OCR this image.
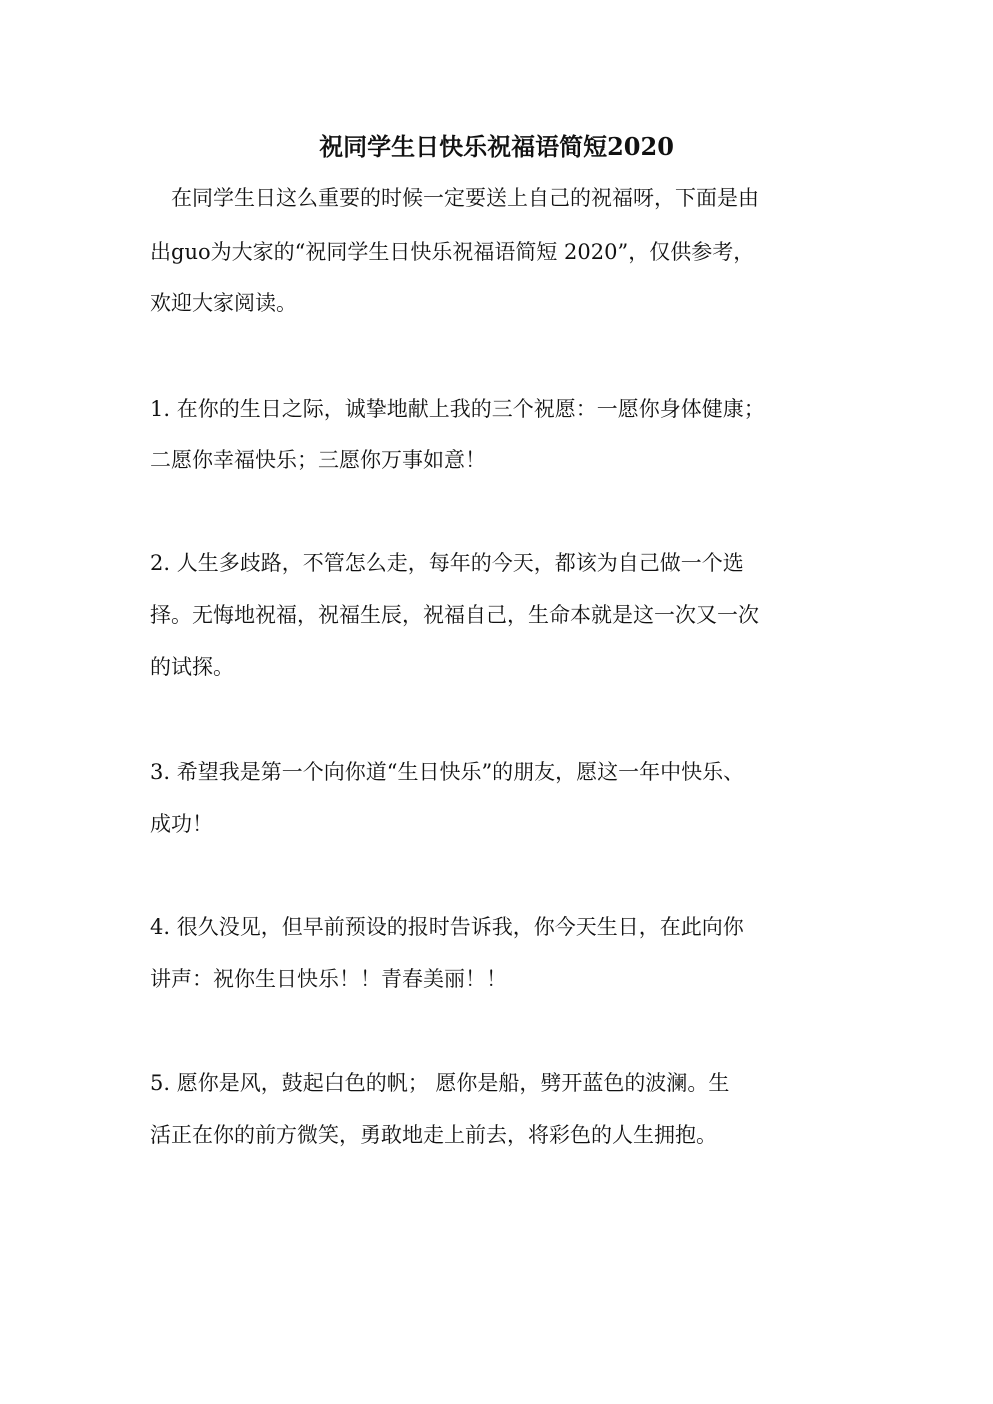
祝同学生日快乐祝福语简短2020
　在同学生日这么重要的时候一定要送上自己的祝福呀，下面是由
出guo为大家的“祝同学生日快乐祝福语简短 2020”，仅供参考，
欢迎大家阅读。
1. 在你的生日之际，诚挚地献上我的三个祝愿：一愿你身体健康；
二愿你幸福快乐；三愿你万事如意！
2. 人生多歧路，不管怎么走，每年的今天，都该为自己做一个选
择。无悔地祝福，祝福生辰，祝福自己，生命本就是这一次又一次
的试探。
3. 希望我是第一个向你道“生日快乐”的朋友，愿这一年中快乐、
成功！
4. 很久没见，但早前预设的报时告诉我，你今天生日，在此向你
讲声：祝你生日快乐！！青春美丽！！
5. 愿你是风，鼓起白色的帆； 愿你是船，劈开蓝色的波澜。生
活正在你的前方微笑，勇敢地走上前去，将彩色的人生拥抱。
